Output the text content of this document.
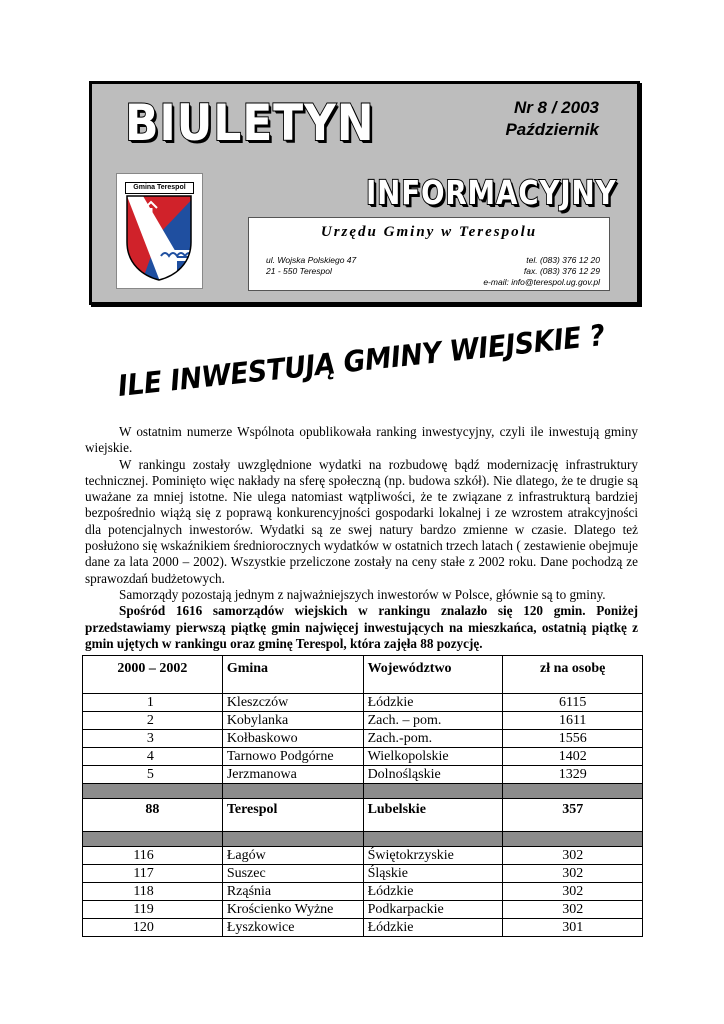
BIULETYN
INFORMACYJNY
Nr 8 / 2003
Październik
Gmina Terespol
Urzędu Gminy w Terespolu
ul. Wojska Polskiego 47
21 - 550 Terespol
tel. (083) 376 12 20
fax. (083) 376 12 29
e-mail: info@terespol.ug.gov.pl
ILE INWESTUJĄ GMINY WIEJSKIE ?

W ostatnim numerze Wspólnota opublikowała ranking inwestycyjny, czyli ile inwestują gminy wiejskie.

W rankingu zostały uwzględnione wydatki na rozbudowę bądź modernizację infrastruktury technicznej. Pominięto więc nakłady na sferę społeczną (np. budowa szkół). Nie dlatego, że te drugie są uważane za mniej istotne. Nie ulega natomiast wątpliwości, że te związane z infrastrukturą bardziej bezpośrednio wiążą się z poprawą konkurencyjności gospodarki lokalnej i ze wzrostem atrakcyjności dla potencjalnych inwestorów. Wydatki są ze swej natury bardzo zmienne w czasie. Dlatego też posłużono się wskaźnikiem średniorocznych wydatków w ostatnich trzech latach ( zestawienie obejmuje dane za lata 2000 – 2002). Wszystkie przeliczone zostały na ceny stałe z 2002 roku. Dane pochodzą ze sprawozdań budżetowych.

Samorządy pozostają jednym z najważniejszych inwestorów w Polsce, głównie są to gminy.

Spośród 1616 samorządów wiejskich w rankingu znalazło się 120 gmin. Poniżej przedstawiamy pierwszą piątkę gmin najwięcej inwestujących na mieszkańca, ostatnią piątkę z gmin ujętych w rankingu oraz gminę Terespol, która zajęła 88 pozycję.

2000 – 2002	Gmina	Województwo	zł na osobę
1	Kleszczów	Łódzkie	6115
2	Kobylanka	Zach. – pom.	1611
3	Kołbaskowo	Zach.-pom.	1556
4	Tarnowo Podgórne	Wielkopolskie	1402
5	Jerzmanowa	Dolnośląskie	1329

88	Terespol	Lubelskie	357

116	Łagów	Świętokrzyskie	302
117	Suszec	Śląskie	302
118	Rząśnia	Łódzkie	302
119	Krościenko Wyżne	Podkarpackie	302
120	Łyszkowice	Łódzkie	301
